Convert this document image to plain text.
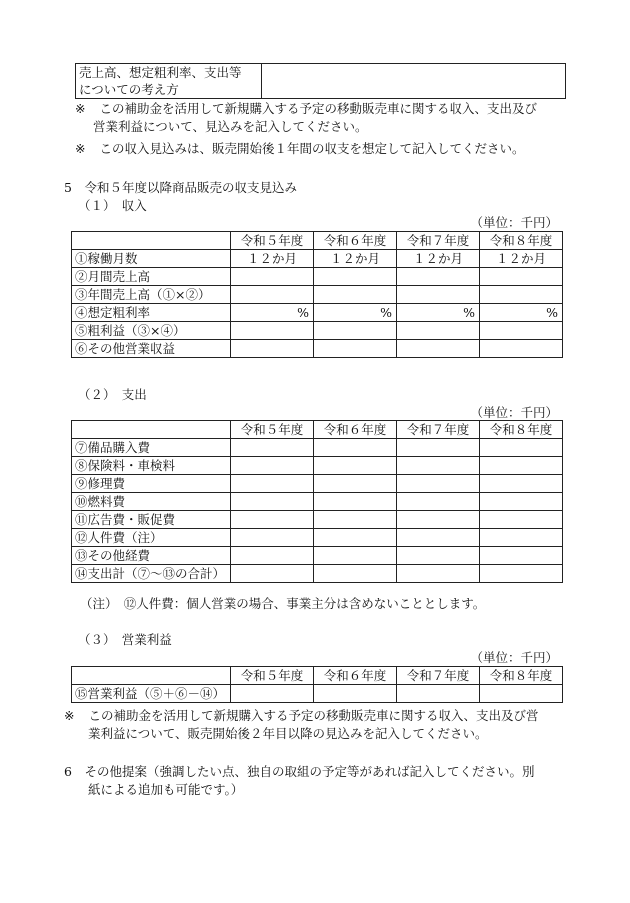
売上高、想定粗利率、支出等
についての考え方	
※ この補助金を活用して新規購入する予定の移動販売車に関する収入、支出及び
営業利益について、見込みを記入してください。
※ この収入見込みは、販売開始後１年間の収支を想定して記入してください。
5　令和５年度以降商品販売の収支見込み
（１）　収入
（単位：千円）
	令和５年度	令和６年度	令和７年度	令和８年度
①稼働月数	１２か月	１２か月	１２か月	１２か月
②月間売上高				
③年間売上高（①×②）				
④想定粗利率	%	%	%	%
⑤粗利益（③×④）				
⑥その他営業収益				
（２）　支出
（単位：千円）
	令和５年度	令和６年度	令和７年度	令和８年度
⑦備品購入費				
⑧保険料・車検料				
⑨修理費				
⑩燃料費				
⑪広告費・販促費				
⑫人件費（注）				
⑬その他経費				
⑭支出計（⑦～⑬の合計）				
（注）　⑫人件費：個人営業の場合、事業主分は含めないこととします。
（３）　営業利益
（単位：千円）
	令和５年度	令和６年度	令和７年度	令和８年度
⑮営業利益（⑤＋⑥－⑭）				
※ この補助金を活用して新規購入する予定の移動販売車に関する収入、支出及び営
業利益について、販売開始後２年目以降の見込みを記入してください。
6　その他提案（強調したい点、独自の取組の予定等があれば記入してください。別
紙による追加も可能です。）
